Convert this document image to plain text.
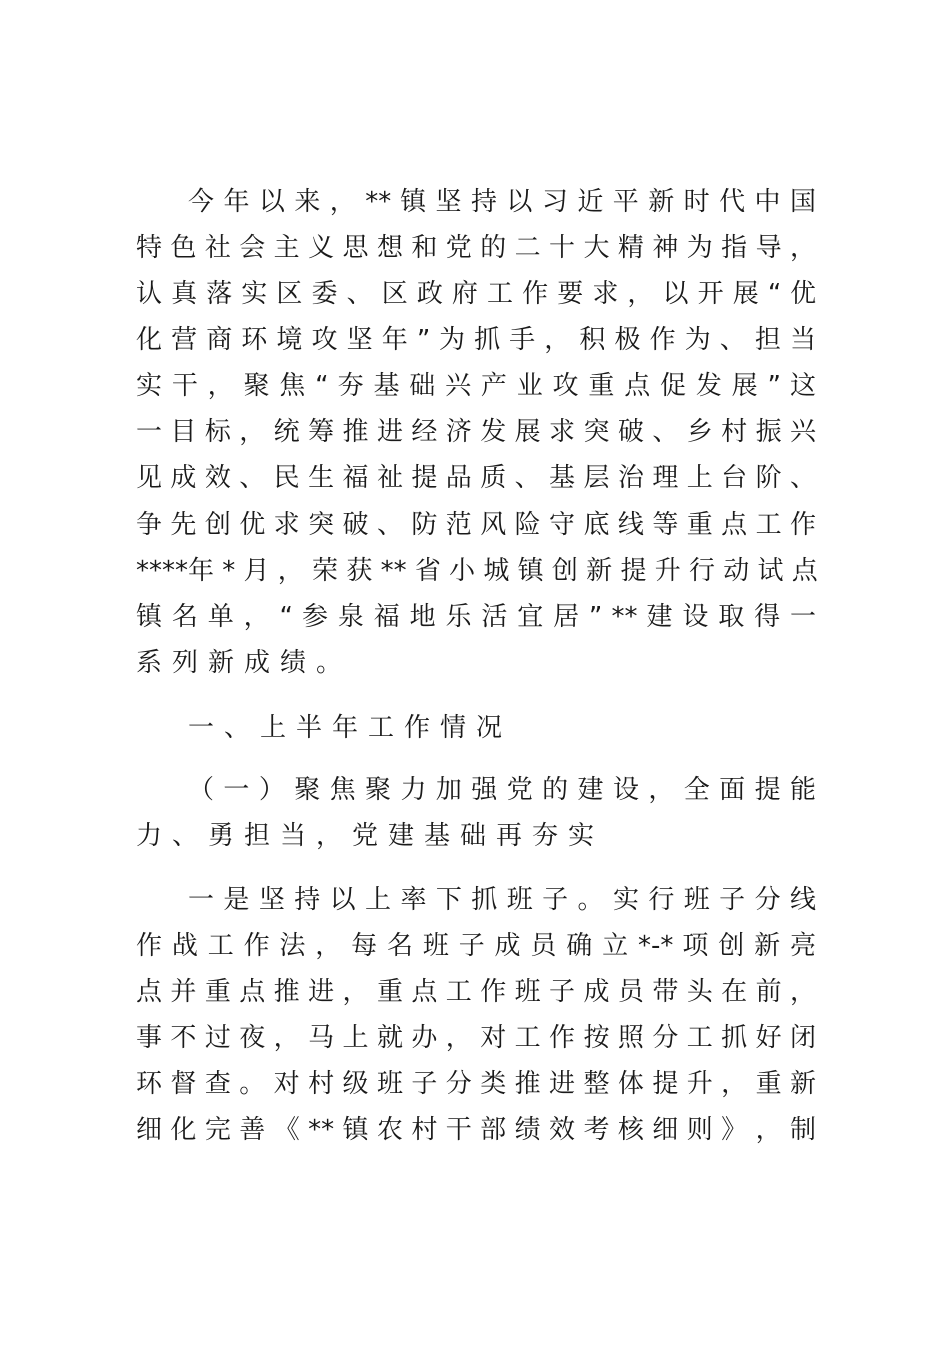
今 年 以 来 ， ** 镇 坚 持 以 习 近 平 新 时 代 中 国
特 色 社 会 主 义 思 想 和 党 的 二 十 大 精 神 为 指 导 ，
认 真 落 实 区 委 、 区 政 府 工 作 要 求 ， 以 开 展 “ 优
化 营 商 环 境 攻 坚 年 ” 为 抓 手 ， 积 极 作 为 、 担 当
实 干 ， 聚 焦 “ 夯 基 础 兴 产 业 攻 重 点 促 发 展 ” 这
一 目 标 ， 统 筹 推 进 经 济 发 展 求 突 破 、 乡 村 振 兴
见 成 效 、 民 生 福 祉 提 品 质 、 基 层 治 理 上 台 阶 、
争 先 创 优 求 突 破 、 防 范 风 险 守 底 线 等 重 点 工 作
****年 * 月 ， 荣 获 ** 省 小 城 镇 创 新 提 升 行 动 试 点
镇 名 单 ， “ 参 泉 福 地 乐 活 宜 居 ” ** 建 设 取 得 一
系列新成绩。
一、上半年工作情况
（ 一 ） 聚 焦 聚 力 加 强 党 的 建 设 ， 全 面 提 能
力、勇担当，党建基础再夯实
一 是 坚 持 以 上 率 下 抓 班 子 。 实 行 班 子 分 线
作 战 工 作 法 ， 每 名 班 子 成 员 确 立 *-* 项 创 新 亮
点 并 重 点 推 进 ， 重 点 工 作 班 子 成 员 带 头 在 前 ，
事 不 过 夜 ， 马 上 就 办 ， 对 工 作 按 照 分 工 抓 好 闭
环 督 查 。 对 村 级 班 子 分 类 推 进 整 体 提 升 ， 重 新
细 化 完 善 《 ** 镇 农 村 干 部 绩 效 考 核 细 则 》 ， 制
